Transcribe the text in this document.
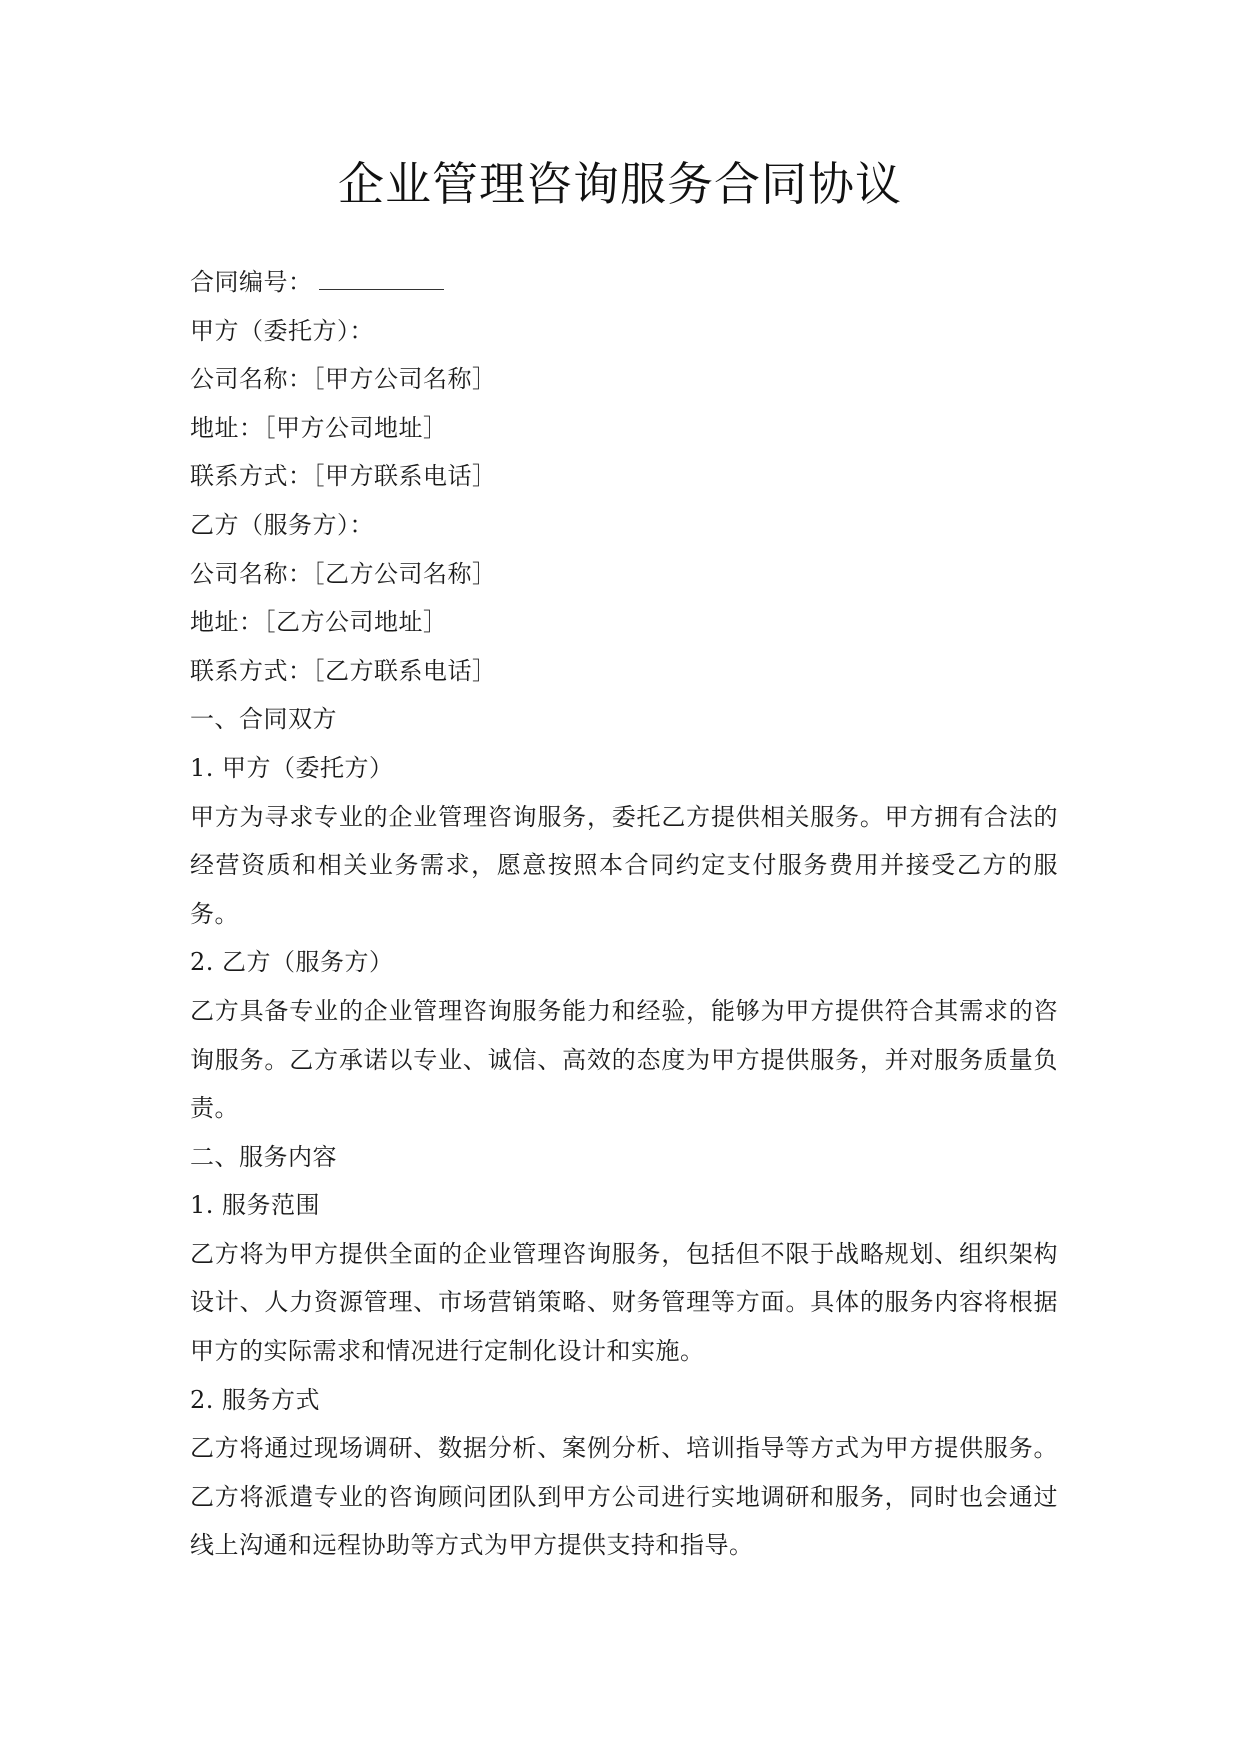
企业管理咨询服务合同协议
合同编号：
甲方（委托方）：
公司名称：［甲方公司名称］
地址：［甲方公司地址］
联系方式：［甲方联系电话］
乙方（服务方）：
公司名称：［乙方公司名称］
地址：［乙方公司地址］
联系方式：［乙方联系电话］
一、合同双方
1. 甲方（委托方）
甲方为寻求专业的企业管理咨询服务，委托乙方提供相关服务。甲方拥有合法的经营资质和相关业务需求，愿意按照本合同约定支付服务费用并接受乙方的服务。
2. 乙方（服务方）
乙方具备专业的企业管理咨询服务能力和经验，能够为甲方提供符合其需求的咨询服务。乙方承诺以专业、诚信、高效的态度为甲方提供服务，并对服务质量负责。
二、服务内容
1. 服务范围
乙方将为甲方提供全面的企业管理咨询服务，包括但不限于战略规划、组织架构设计、人力资源管理、市场营销策略、财务管理等方面。具体的服务内容将根据甲方的实际需求和情况进行定制化设计和实施。
2. 服务方式
乙方将通过现场调研、数据分析、案例分析、培训指导等方式为甲方提供服务。乙方将派遣专业的咨询顾问团队到甲方公司进行实地调研和服务，同时也会通过线上沟通和远程协助等方式为甲方提供支持和指导。
